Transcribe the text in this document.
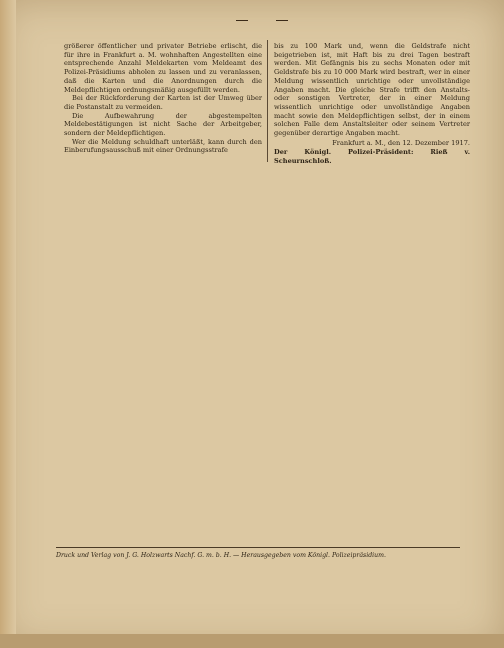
größerer öffentlicher und privater Betriebe erlischt, die für ihre in Frankfurt a. M. wohnhaften Angestellten eine entsprechende Anzahl Meldekarten vom Meldeamt des Polizei-Präsidiums abholen zu lassen und zu veranlassen, daß die Karten und die Anordnungen durch die Meldepflichtigen ordnungsmäßig ausgefüllt werden.

Bei der Rückforderung der Karten ist der Umweg über die Postanstalt zu vermeiden.

Die Aufbewahrung der abgestempelten Meldebestätigungen ist nicht Sache der Arbeitgeber, sondern der Meldepflichtigen.

Wer die Meldung schuldhaft unterläßt, kann durch den Einberufungsausschuß mit einer Ordnungsstrafe

bis zu 100 Mark und, wenn die Geldstrafe nicht beigetrieben ist, mit Haft bis zu drei Tagen bestraft werden. Mit Gefängnis bis zu sechs Monaten oder mit Geldstrafe bis zu 10 000 Mark wird bestraft, wer in einer Meldung wissentlich unrichtige oder unvollständige Angaben macht. Die gleiche Strafe trifft den Anstalts- oder sonstigen Vertreter, der in einer Meldung wissentlich unrichtige oder unvollständige Angaben macht sowie den Meldepflichtigen selbst, der in einem solchen Falle dem Anstaltsleiter oder seinem Vertreter gegenüber derartige Angaben macht.

Frankfurt a. M., den 12. Dezember 1917.

Der Königl. Polizei-Präsident: Rieß v. Scheurnschloß.

Druck und Verlag von J. G. Holzwarts Nachf. G. m. b. H. — Herausgegeben vom Königl. Polizeipräsidium.
